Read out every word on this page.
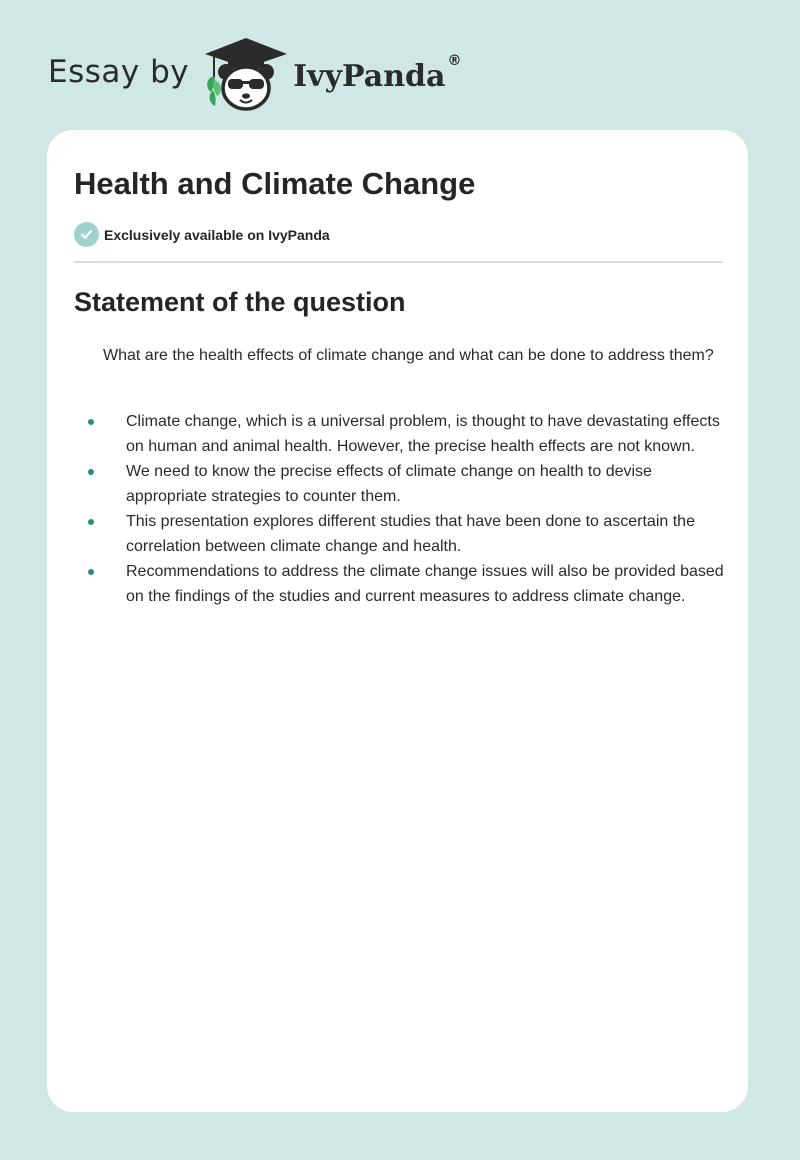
Essay by	IvyPanda ®
Health and Climate Change
Exclusively available on IvyPanda
Statement of the question

What are the health effects of climate change and what can be done to address them?

Climate change, which is a universal problem, is thought to have devastating effects on human and animal health. However, the precise health effects are not known.
We need to know the precise effects of climate change on health to devise appropriate strategies to counter them.
This presentation explores different studies that have been done to ascertain the correlation between climate change and health.
Recommendations to address the climate change issues will also be provided based on the findings of the studies and current measures to address climate change.
